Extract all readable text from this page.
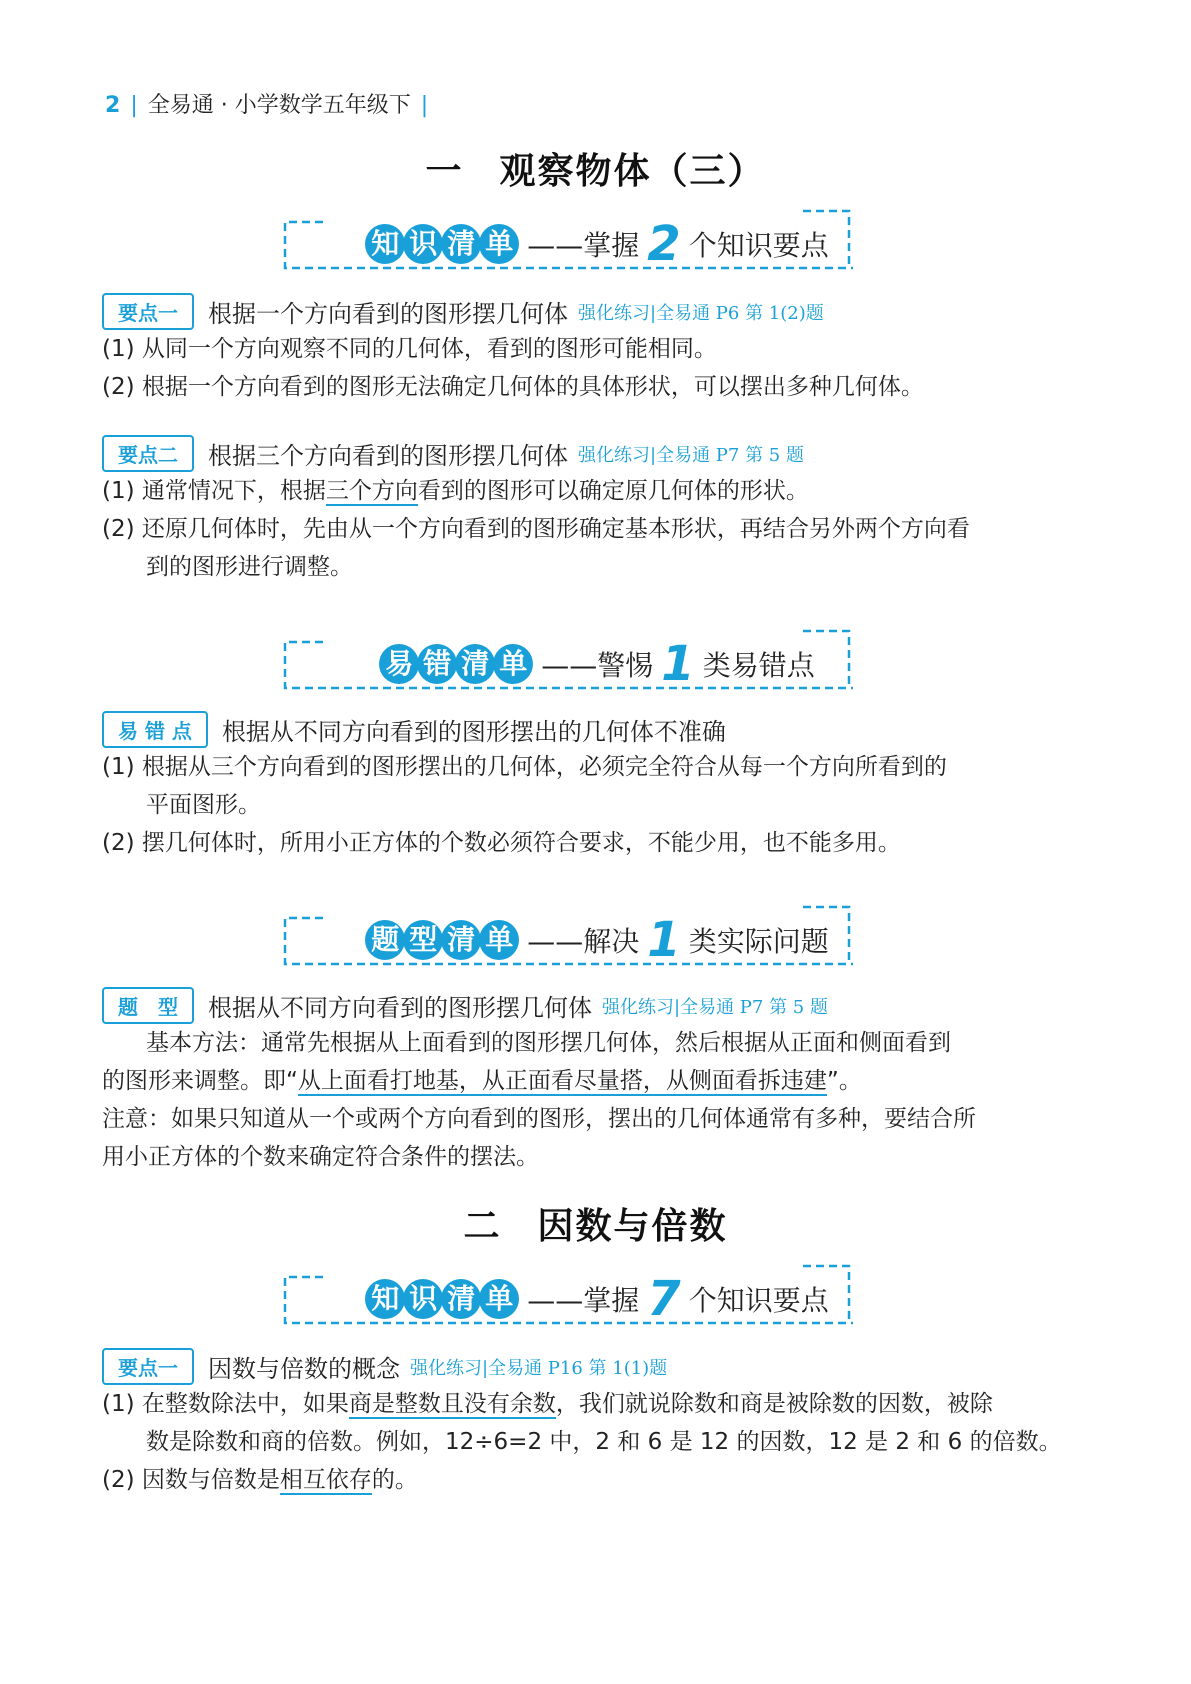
2 | 全易通 · 小学数学五年级下 |
一 观察物体（三）
知 识 清 单 ——掌握 2 个知识要点
要点一 根据一个方向看到的图形摆几何体 强化练习|全易通 P6 第 1(2)题
(1) 从同一个方向观察不同的几何体，看到的图形可能相同。
(2) 根据一个方向看到的图形无法确定几何体的具体形状，可以摆出多种几何体。
要点二 根据三个方向看到的图形摆几何体 强化练习|全易通 P7 第 5 题
(1) 通常情况下，根据三个方向看到的图形可以确定原几何体的形状。
(2) 还原几何体时，先由从一个方向看到的图形确定基本形状，再结合另外两个方向看
到的图形进行调整。
易 错 清 单 ——警惕 1 类易错点
易 错 点 根据从不同方向看到的图形摆出的几何体不准确
(1) 根据从三个方向看到的图形摆出的几何体，必须完全符合从每一个方向所看到的
平面图形。
(2) 摆几何体时，所用小正方体的个数必须符合要求，不能少用，也不能多用。
题 型 清 单 ——解决 1 类实际问题
题　型 根据从不同方向看到的图形摆几何体 强化练习|全易通 P7 第 5 题
基本方法：通常先根据从上面看到的图形摆几何体，然后根据从正面和侧面看到
的图形来调整。即“从上面看打地基，从正面看尽量搭，从侧面看拆违建”。
注意：如果只知道从一个或两个方向看到的图形，摆出的几何体通常有多种，要结合所
用小正方体的个数来确定符合条件的摆法。
二 因数与倍数
知 识 清 单 ——掌握 7 个知识要点
要点一 因数与倍数的概念 强化练习|全易通 P16 第 1(1)题
(1) 在整数除法中，如果商是整数且没有余数，我们就说除数和商是被除数的因数，被除
数是除数和商的倍数。例如，12÷6=2 中，2 和 6 是 12 的因数，12 是 2 和 6 的倍数。
(2) 因数与倍数是相互依存的。
